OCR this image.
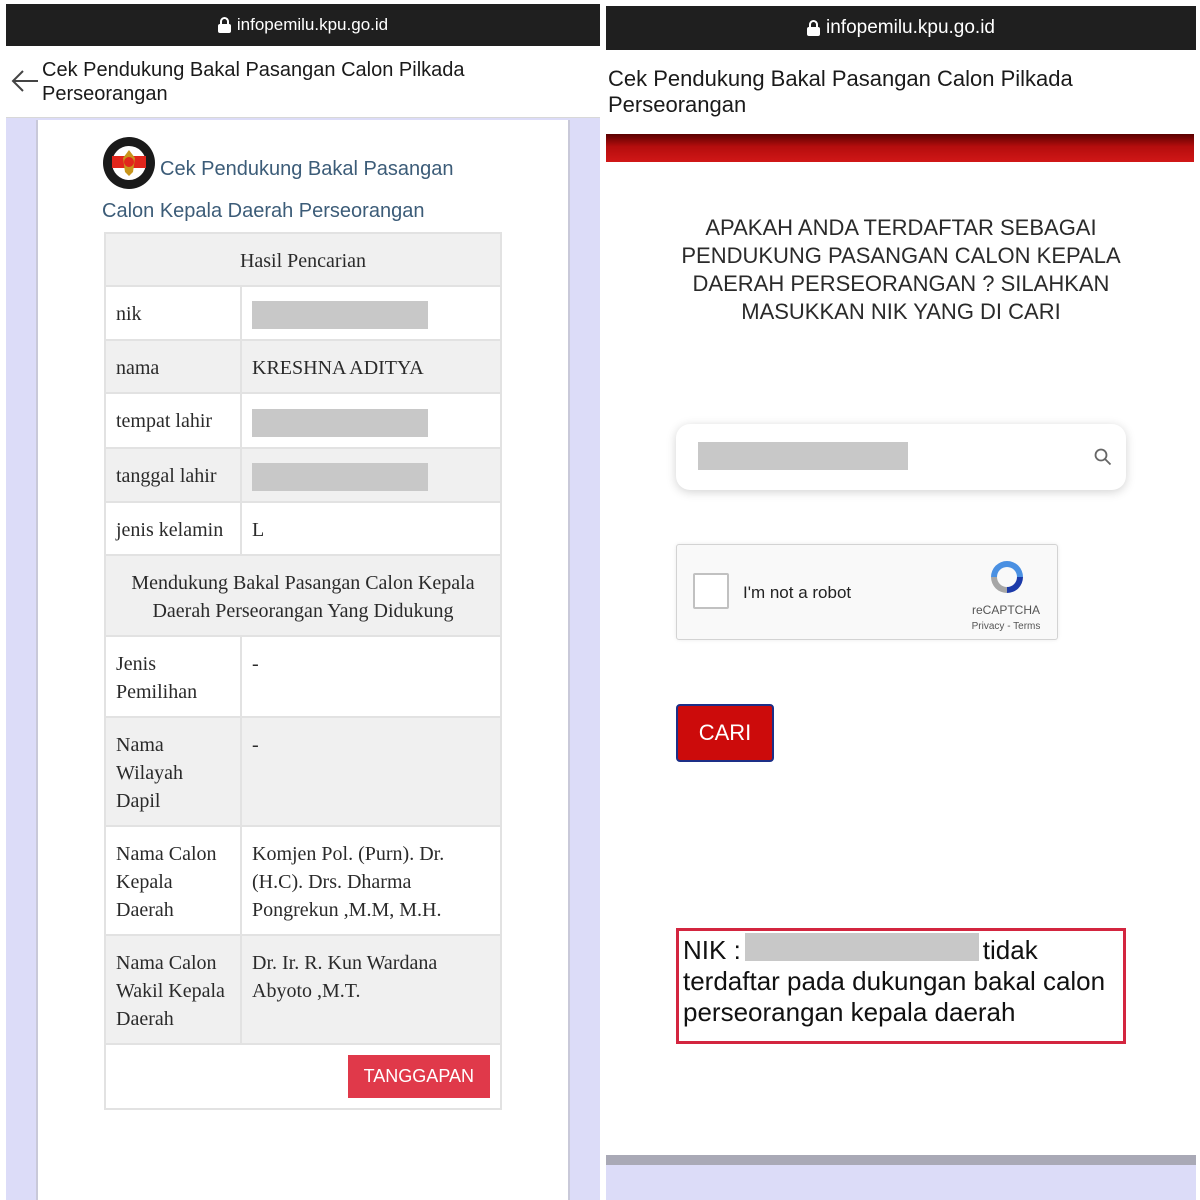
infopemilu.kpu.go.id
Cek Pendukung Bakal Pasangan Calon Pilkada Perseorangan
Cek Pendukung Bakal Pasangan Calon Kepala Daerah Perseorangan
Hasil Pencarian	
nik	
nama	KRESHNA ADITYA
tempat lahir	
tanggal lahir	
jenis kelamin	L
Mendukung Bakal Pasangan Calon Kepala Daerah Perseorangan Yang Didukung	
Jenis Pemilihan	-
Nama Wilayah Dapil	-
Nama Calon Kepala Daerah	Komjen Pol. (Purn). Dr. (H.C). Drs. Dharma Pongrekun ,M.M, M.H.
Nama Calon Wakil Kepala Daerah	Dr. Ir. R. Kun Wardana Abyoto ,M.T.

TANGGAPAN	
infopemilu.kpu.go.id
Cek Pendukung Bakal Pasangan Calon Pilkada Perseorangan
APAKAH ANDA TERDAFTAR SEBAGAI PENDUKUNG PASANGAN CALON KEPALA DAERAH PERSEORANGAN ? SILAHKAN MASUKKAN NIK YANG DI CARI
I'm not a robot
reCAPTCHA
Privacy - Terms
CARI
NIK :	tidak terdaftar pada dukungan bakal calon perseorangan kepala daerah
